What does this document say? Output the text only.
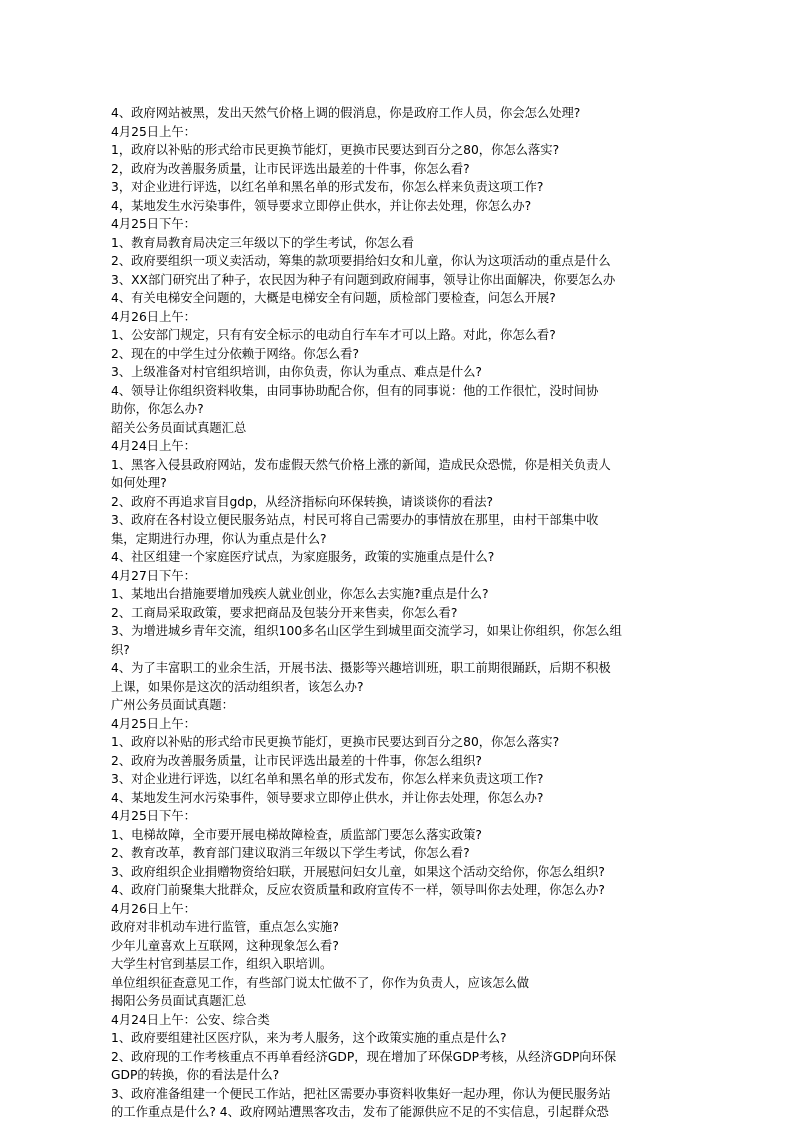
4、政府网站被黑，发出天然气价格上调的假消息，你是政府工作人员，你会怎么处理?
4月25日上午：
1，政府以补贴的形式给市民更换节能灯，更换市民要达到百分之80，你怎么落实?
2，政府为改善服务质量，让市民评选出最差的十件事，你怎么看?
3，对企业进行评选，以红名单和黑名单的形式发布，你怎么样来负责这项工作?
4，某地发生水污染事件，领导要求立即停止供水，并让你去处理，你怎么办?
4月25日下午：
1、教育局教育局决定三年级以下的学生考试，你怎么看
2、政府要组织一项义卖活动，筹集的款项要捐给妇女和儿童，你认为这项活动的重点是什么
3、XX部门研究出了种子，农民因为种子有问题到政府闹事，领导让你出面解决，你要怎么办
4、有关电梯安全问题的，大概是电梯安全有问题，质检部门要检查，问怎么开展?
4月26日上午：
1、公安部门规定，只有有安全标示的电动自行车车才可以上路。对此，你怎么看?
2、现在的中学生过分依赖于网络。你怎么看?
3、上级准备对村官组织培训，由你负责，你认为重点、难点是什么?
4、领导让你组织资料收集，由同事协助配合你，但有的同事说：他的工作很忙，没时间协
助你，你怎么办?
韶关公务员面试真题汇总
4月24日上午：
1、黑客入侵县政府网站，发布虚假天然气价格上涨的新闻，造成民众恐慌，你是相关负责人
如何处理?
2、政府不再追求盲目gdp，从经济指标向环保转换，请谈谈你的看法?
3、政府在各村设立便民服务站点，村民可将自己需要办的事情放在那里，由村干部集中收
集，定期进行办理，你认为重点是什么?
4、社区组建一个家庭医疗试点，为家庭服务，政策的实施重点是什么?
4月27日下午：
1、某地出台措施要增加残疾人就业创业，你怎么去实施?重点是什么?
2、工商局采取政策，要求把商品及包装分开来售卖，你怎么看?
3、为增进城乡青年交流，组织100多名山区学生到城里面交流学习，如果让你组织，你怎么组
织?
4、为了丰富职工的业余生活，开展书法、摄影等兴趣培训班，职工前期很踊跃，后期不积极
上课，如果你是这次的活动组织者，该怎么办?
广州公务员面试真题：
4月25日上午：
1、政府以补贴的形式给市民更换节能灯，更换市民要达到百分之80，你怎么落实?
2、政府为改善服务质量，让市民评选出最差的十件事，你怎么组织?
3、对企业进行评选，以红名单和黑名单的形式发布，你怎么样来负责这项工作?
4、某地发生河水污染事件，领导要求立即停止供水，并让你去处理，你怎么办?
4月25日下午：
1、电梯故障，全市要开展电梯故障检查，质监部门要怎么落实政策?
2、教育改革，教育部门建议取消三年级以下学生考试，你怎么看?
3、政府组织企业捐赠物资给妇联，开展慰问妇女儿童，如果这个活动交给你，你怎么组织?
4、政府门前聚集大批群众，反应农资质量和政府宣传不一样，领导叫你去处理，你怎么办?
4月26日上午：
政府对非机动车进行监管，重点怎么实施?
少年儿童喜欢上互联网，这种现象怎么看?
大学生村官到基层工作，组织入职培训。
单位组织征查意见工作，有些部门说太忙做不了，你作为负责人，应该怎么做
揭阳公务员面试真题汇总
4月24日上午：公安、综合类
1、政府要组建社区医疗队，来为考人服务，这个政策实施的重点是什么?
2、政府现的工作考核重点不再单看经济GDP，现在增加了环保GDP考核，从经济GDP向环保
GDP的转换，你的看法是什么?
3、政府准备组建一个便民工作站，把社区需要办事资料收集好一起办理，你认为便民服务站
的工作重点是什么? 4、政府网站遭黑客攻击，发布了能源供应不足的不实信息，引起群众恐
